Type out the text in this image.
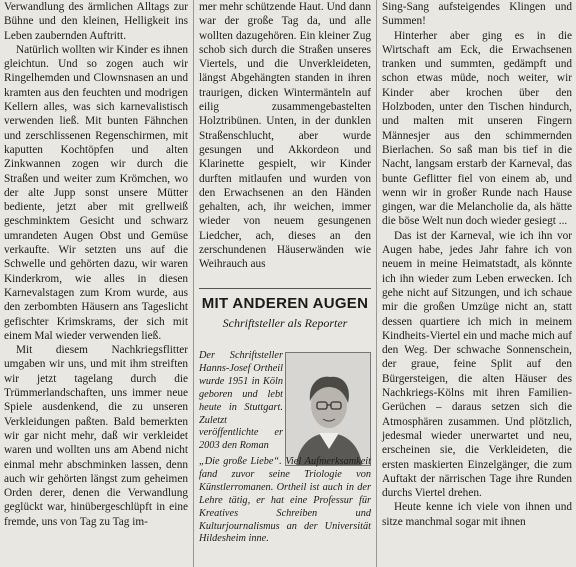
Verwandlung des ärmlichen Alltags zur Bühne und den kleinen, Helligkeit ins Leben zaubernden Auftritt.

Natürlich wollten wir Kinder es ihnen gleichtun. Und so zogen auch wir Ringelhemden und Clownsnasen an und kramten aus den feuchten und modrigen Kellern alles, was sich karnevalistisch verwenden ließ. Mit bunten Fähnchen und zerschlissenen Regenschirmen, mit kaputten Kochtöpfen und alten Zinkwannen zogen wir durch die Straßen und weiter zum Krömchen, wo der alte Jupp sonst unsere Mütter bediente, jetzt aber mit grellweiß geschminktem Gesicht und schwarz umrandeten Augen Obst und Gemüse verkaufte. Wir setzten uns auf die Schwelle und gehörten dazu, wir waren Kinderkrom, wie alles in diesen Karnevalstagen zum Krom wurde, aus den zerbombten Häusern ans Tageslicht gefischter Krimskrams, der sich mit einem Mal wieder verwenden ließ.

Mit diesem Nachkriegsflitter umgaben wir uns, und mit ihm streiften wir jetzt tagelang durch die Trümmerlandschaften, uns immer neue Spiele ausdenkend, die zu unseren Verkleidungen paßten. Bald bemerkten wir gar nicht mehr, daß wir verkleidet waren und wollten uns am Abend nicht einmal mehr abschminken lassen, denn auch wir gehörten längst zum geheimen Orden derer, denen die Verwandlung geglückt war, hinübergeschlüpft in eine fremde, uns von Tag zu Tag im-

mer mehr schützende Haut. Und dann war der große Tag da, und alle wollten dazugehören. Ein kleiner Zug schob sich durch die Straßen unseres Viertels, und die Unverkleideten, längst Abgehängten standen in ihren traurigen, dicken Wintermänteln auf eilig zusammengebastelten Holztribünen. Unten, in der dunklen Straßenschlucht, aber wurde gesungen und Akkordeon und Klarinette gespielt, wir Kinder durften mitlaufen und wurden von den Erwachsenen an den Händen gehalten, ach, ihr weichen, immer wieder von neuem gesungenen Liedcher, ach, dieses an den zerschundenen Häuserwänden wie Weihrauch aus

MIT ANDEREN AUGEN
Schriftsteller als Reporter
Der Schriftsteller Hanns-Josef Ortheil wurde 1951 in Köln geboren und lebt heute in Stuttgart. Zuletzt veröffentlichte er 2003 den Roman
„Die große Liebe“. Viel Aufmerksamkeit fand zuvor seine Triologie von Künstlerromanen. Ortheil ist auch in der Lehre tätig, er hat eine Professur für Kreatives Schreiben und Kulturjournalismus an der Universität Hildesheim inne.

Sing-Sang aufsteigendes Klingen und Summen!

Hinterher aber ging es in die Wirtschaft am Eck, die Erwachsenen tranken und summten, gedämpft und schon etwas müde, noch weiter, wir Kinder aber krochen über den Holzboden, unter den Tischen hindurch, und malten mit unseren Fingern Männesjer aus den schimmernden Bierlachen. So saß man bis tief in die Nacht, langsam erstarb der Karneval, das bunte Geflitter fiel von einem ab, und wenn wir in großer Runde nach Hause gingen, war die Melancholie da, als hätte die böse Welt nun doch wieder gesiegt ...

Das ist der Karneval, wie ich ihn vor Augen habe, jedes Jahr fahre ich von neuem in meine Heimatstadt, als könnte ich ihn wieder zum Leben erwecken. Ich gehe nicht auf Sitzungen, und ich schaue mir die großen Umzüge nicht an, statt dessen quartiere ich mich in meinem Kindheits-Viertel ein und mache mich auf den Weg. Der schwache Sonnenschein, der graue, feine Split auf den Bürgersteigen, die alten Häuser des Nachkriegs-Kölns mit ihren Familien-Gerüchen – daraus setzen sich die Atmosphären zusammen. Und plötzlich, jedesmal wieder unerwartet und neu, erscheinen sie, die Verkleideten, die ersten maskierten Einzelgänger, die zum Auftakt der närrischen Tage ihre Runden durchs Viertel drehen.

Heute kenne ich viele von ihnen und sitze manchmal sogar mit ihnen
